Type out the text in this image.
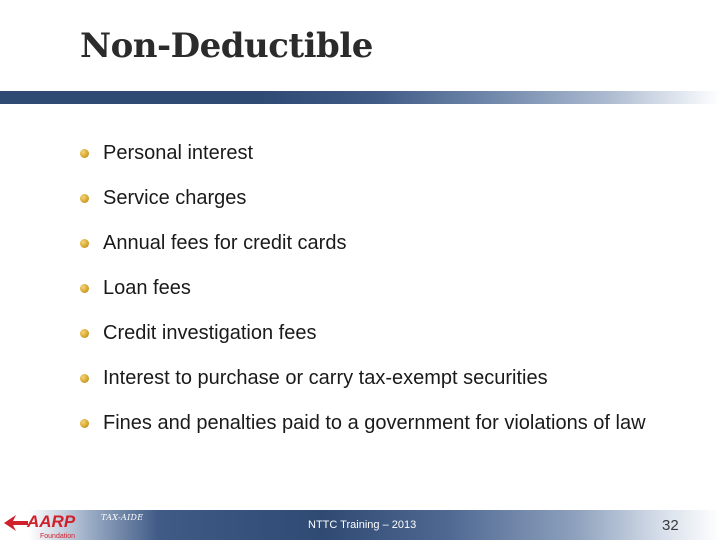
Non-Deductible
Personal interest
Service charges
Annual fees for credit cards
Loan fees
Credit investigation fees
Interest to purchase or carry tax-exempt securities
Fines and penalties paid to a government for violations of law
AARP
Foundation
TAX-AIDE
NTTC Training – 2013	32
